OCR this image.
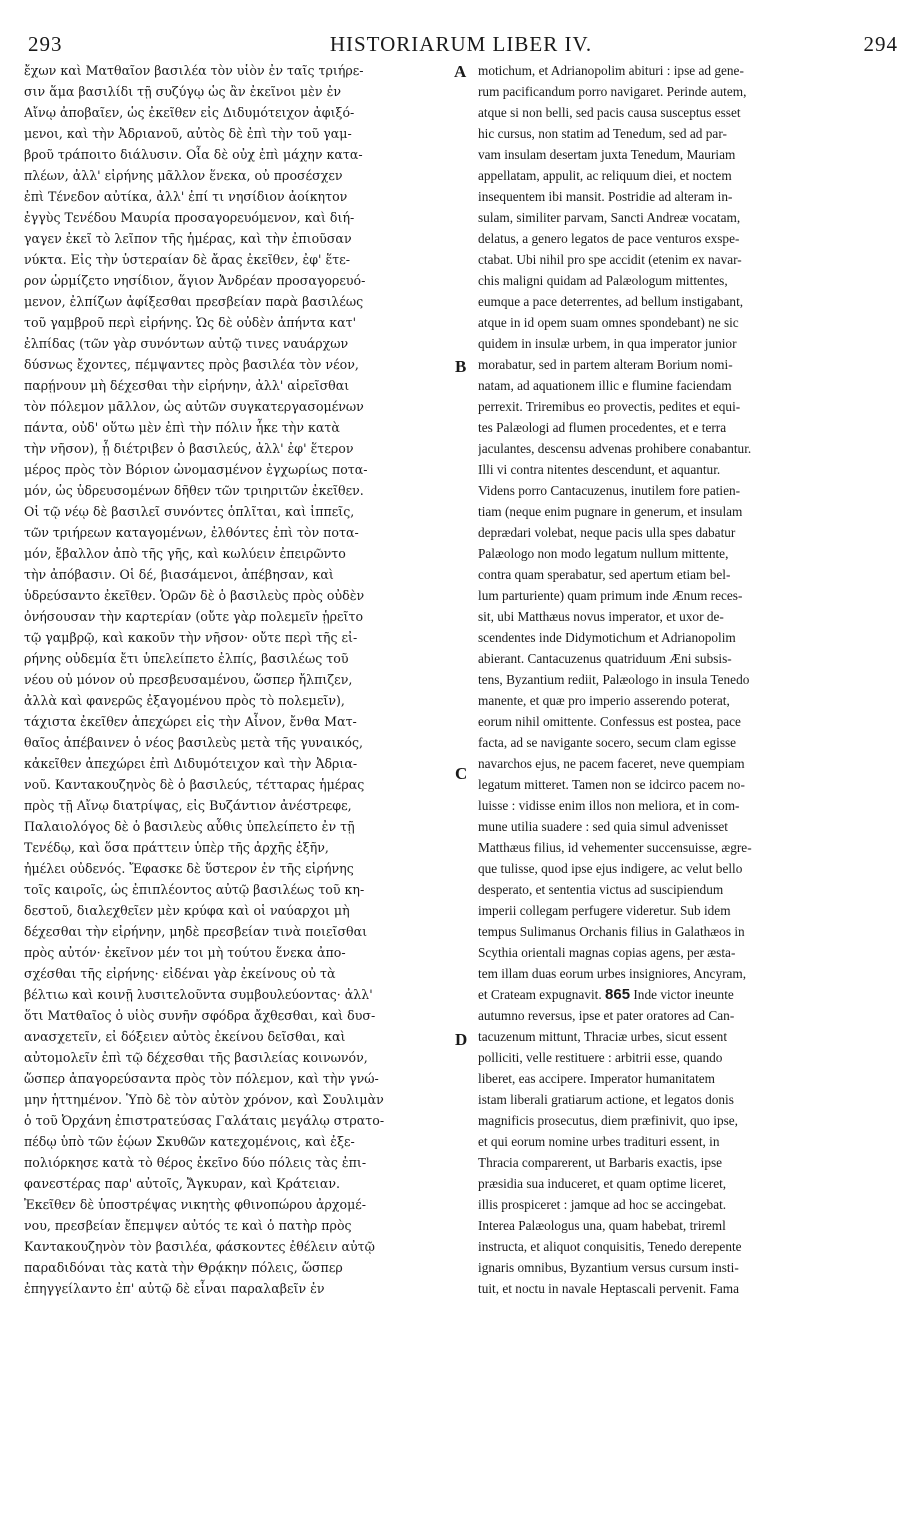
293	HISTORIARUM LIBER IV.	294
ἔχων καὶ Ματθαῖον βασιλέα τὸν υἱὸν ἐν ταῖς τριήρε-
σιν ἅμα βασιλίδι τῇ συζύγῳ ὡς ἂν ἐκεῖνοι μὲν ἐν
Αἴνῳ ἀποβαῖεν, ὡς ἐκεῖθεν εἰς Διδυμότειχον ἀφιξό-
μενοι, καὶ τὴν Ἀδριανοῦ, αὐτὸς δὲ ἐπὶ τὴν τοῦ γαμ-
βροῦ τράποιτο διάλυσιν. Οἷα δὲ οὐχ ἐπὶ μάχην κατα-
πλέων, ἀλλ' εἰρήνης μᾶλλον ἕνεκα, οὐ προσέσχεν
ἐπὶ Τένεδον αὐτίκα, ἀλλ' ἐπί τι νησίδιον ἀοίκητον
ἐγγὺς Τενέδου Μαυρία προσαγορευόμενον, καὶ διή-
γαγεν ἐκεῖ τὸ λεῖπον τῆς ἡμέρας, καὶ τὴν ἐπιοῦσαν
νύκτα. Εἰς τὴν ὑστεραίαν δὲ ἄρας ἐκεῖθεν, ἐφ' ἕτε-
ρον ὡρμίζετο νησίδιον, ἅγιον Ἀνδρέαν προσαγορευό-
μενον, ἐλπίζων ἀφίξεσθαι πρεσβείαν παρὰ βασιλέως
τοῦ γαμβροῦ περὶ εἰρήνης. Ὡς δὲ οὐδὲν ἀπήντα κατ'
ἐλπίδας (τῶν γὰρ συνόντων αὐτῷ τινες ναυάρχων
δύσνως ἔχοντες, πέμψαντες πρὸς βασιλέα τὸν νέον,
παρῄνουν μὴ δέχεσθαι τὴν εἰρήνην, ἀλλ' αἱρεῖσθαι
τὸν πόλεμον μᾶλλον, ὡς αὐτῶν συγκατεργασομένων
πάντα, οὐδ' οὕτω μὲν ἐπὶ τὴν πόλιν ἧκε τὴν κατὰ
τὴν νῆσον), ᾗ διέτριβεν ὁ βασιλεύς, ἀλλ' ἐφ' ἕτερον
μέρος πρὸς τὸν Βόριον ὠνομασμένον ἐγχωρίως ποτα-
μόν, ὡς ὑδρευσομένων δῆθεν τῶν τριηριτῶν ἐκεῖθεν.
Οἱ τῷ νέῳ δὲ βασιλεῖ συνόντες ὁπλῖται, καὶ ἱππεῖς,
τῶν τριήρεων καταγομένων, ἐλθόντες ἐπὶ τὸν ποτα-
μόν, ἔβαλλον ἀπὸ τῆς γῆς, καὶ κωλύειν ἐπειρῶντο
τὴν ἀπόβασιν. Οἱ δέ, βιασάμενοι, ἀπέβησαν, καὶ
ὑδρεύσαντο ἐκεῖθεν. Ὁρῶν δὲ ὁ βασιλεὺς πρὸς οὐδὲν
ὀνήσουσαν τὴν καρτερίαν (οὔτε γὰρ πολεμεῖν ᾑρεῖτο
τῷ γαμβρῷ, καὶ κακοῦν τὴν νῆσον· οὔτε περὶ τῆς εἰ-
ρήνης οὐδεμία ἔτι ὑπελείπετο ἐλπίς, βασιλέως τοῦ
νέου οὐ μόνον οὐ πρεσβευσαμένου, ὥσπερ ἤλπιζεν,
ἀλλὰ καὶ φανερῶς ἐξαγομένου πρὸς τὸ πολεμεῖν),
τάχιστα ἐκεῖθεν ἀπεχώρει εἰς τὴν Αἶνον, ἔνθα Ματ-
θαῖος ἀπέβαινεν ὁ νέος βασιλεὺς μετὰ τῆς γυναικός,
κἀκεῖθεν ἀπεχώρει ἐπὶ Διδυμότειχον καὶ τὴν Ἀδρια-
νοῦ. Καντακουζηνὸς δὲ ὁ βασιλεύς, τέτταρας ἡμέρας
πρὸς τῇ Αἴνῳ διατρίψας, εἰς Βυζάντιον ἀνέστρεφε,
Παλαιολόγος δὲ ὁ βασιλεὺς αὖθις ὑπελείπετο ἐν τῇ
Τενέδῳ, καὶ ὅσα πράττειν ὑπὲρ τῆς ἀρχῆς ἐξῆν,
ἠμέλει οὐδενός. Ἔφασκε δὲ ὕστερον ἐν τῆς εἰρήνης
τοῖς καιροῖς, ὡς ἐπιπλέοντος αὐτῷ βασιλέως τοῦ κη-
δεστοῦ, διαλεχθεῖεν μὲν κρύφα καὶ οἱ ναύαρχοι μὴ
δέχεσθαι τὴν εἰρήνην, μηδὲ πρεσβείαν τινὰ ποιεῖσθαι
πρὸς αὐτόν· ἐκεῖνον μέν τοι μὴ τούτου ἕνεκα ἀπο-
σχέσθαι τῆς εἰρήνης· εἰδέναι γὰρ ἐκείνους οὐ τὰ
βέλτιω καὶ κοινῇ λυσιτελοῦντα συμβουλεύοντας· ἀλλ'
ὅτι Ματθαῖος ὁ υἱὸς συνῆν σφόδρα ἄχθεσθαι, καὶ δυσ-
ανασχετεῖν, εἰ δόξειεν αὐτὸς ἐκείνου δεῖσθαι, καὶ
αὐτομολεῖν ἐπὶ τῷ δέχεσθαι τῆς βασιλείας κοινωνόν,
ὥσπερ ἀπαγορεύσαντα πρὸς τὸν πόλεμον, καὶ τὴν γνώ-
μην ἡττημένον. Ὑπὸ δὲ τὸν αὐτὸν χρόνον, καὶ Σουλιμὰν
ὁ τοῦ Ὀρχάνη ἐπιστρατεύσας Γαλάταις μεγάλῳ στρατο-
πέδῳ ὑπὸ τῶν ἑῴων Σκυθῶν κατεχομένοις, καὶ ἐξε-
πολιόρκησε κατὰ τὸ θέρος ἐκεῖνο δύο πόλεις τὰς ἐπι-
φανεστέρας παρ' αὐτοῖς, Ἄγκυραν, καὶ Κράτειαν.
Ἐκεῖθεν δὲ ὑποστρέψας νικητὴς φθινοπώρου ἀρχομέ-
νου, πρεσβείαν ἔπεμψεν αὐτός τε καὶ ὁ πατὴρ πρὸς
Καντακουζηνὸν τὸν βασιλέα, φάσκοντες ἐθέλειν αὐτῷ
παραδιδόναι τὰς κατὰ τὴν Θρᾴκην πόλεις, ὥσπερ
ἐπηγγείλαντο ἐπ' αὐτῷ δὲ εἶναι παραλαβεῖν ἐν
A
B
C
D
motichum, et Adrianopolim abituri : ipse ad gene-
rum pacificandum porro navigaret. Perinde autem,
atque si non belli, sed pacis causa susceptus esset
hic cursus, non statim ad Tenedum, sed ad par-
vam insulam desertam juxta Tenedum, Mauriam
appellatam, appulit, ac reliquum diei, et noctem
insequentem ibi mansit. Postridie ad alteram in-
sulam, similiter parvam, Sancti Andreæ vocatam,
delatus, a genero legatos de pace venturos exspe-
ctabat. Ubi nihil pro spe accidit (etenim ex navar-
chis maligni quidam ad Palæologum mittentes,
eumque a pace deterrentes, ad bellum instigabant,
atque in id opem suam omnes spondebant) ne sic
quidem in insulæ urbem, in qua imperator junior
morabatur, sed in partem alteram Borium nomi-
natam, ad aquationem illic e flumine faciendam
perrexit. Triremibus eo provectis, pedites et equi-
tes Palæologi ad flumen procedentes, et e terra
jaculantes, descensu advenas prohibere conabantur.
Illi vi contra nitentes descendunt, et aquantur.
Videns porro Cantacuzenus, inutilem fore patien-
tiam (neque enim pugnare in generum, et insulam
deprædari volebat, neque pacis ulla spes dabatur
Palæologo non modo legatum nullum mittente,
contra quam sperabatur, sed apertum etiam bel-
lum parturiente) quam primum inde Ænum reces-
sit, ubi Matthæus novus imperator, et uxor de-
scendentes inde Didymotichum et Adrianopolim
abierant. Cantacuzenus quatriduum Æni subsis-
tens, Byzantium rediit, Palæologo in insula Tenedo
manente, et quæ pro imperio asserendo poterat,
eorum nihil omittente. Confessus est postea, pace
facta, ad se navigante socero, secum clam egisse
navarchos ejus, ne pacem faceret, neve quempiam
legatum mitteret. Tamen non se idcirco pacem no-
luisse : vidisse enim illos non meliora, et in com-
mune utilia suadere : sed quia simul advenisset
Matthæus filius, id vehementer succensuisse, ægre-
que tulisse, quod ipse ejus indigere, ac velut bello
desperato, et sententia victus ad suscipiendum
imperii collegam perfugere videretur. Sub idem
tempus Sulimanus Orchanis filius in Galathæos in
Scythia orientali magnas copias agens, per æsta-
tem illam duas eorum urbes insigniores, Ancyram,
et Crateam expugnavit. 865 Inde victor ineunte
autumno reversus, ipse et pater oratores ad Can-
tacuzenum mittunt, Thraciæ urbes, sicut essent
polliciti, velle restituere : arbitrii esse, quando
liberet, eas accipere. Imperator humanitatem
istam liberali gratiarum actione, et legatos donis
magnificis prosecutus, diem præfinivit, quo ipse,
et qui eorum nomine urbes tradituri essent, in
Thracia comparerent, ut Barbaris exactis, ipse
præsidia sua induceret, et quam optime liceret,
illis prospiceret : jamque ad hoc se accingebat.
Interea Palæologus una, quam habebat, trireml
instructa, et aliquot conquisitis, Tenedo derepente
ignaris omnibus, Byzantium versus cursum insti-
tuit, et noctu in navale Heptascali pervenit. Fama
